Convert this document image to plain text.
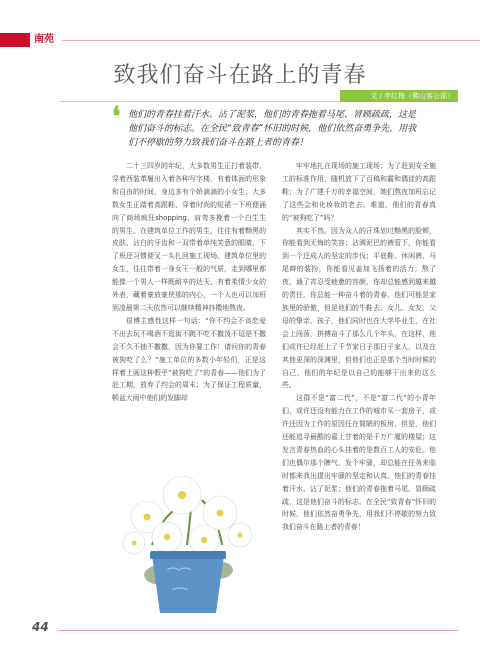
南苑
致我们奋斗在路上的青春
文 / 李红梅（佛山客公部）
❛ 他们的青春挂着汗水、沾了泥浆，他们的青春拖着马尾、冒顾疏疏，这是他们奋斗的标志。在全民“致青春”怀旧的时候，他们依然奋勇争先，用我们不停歇的努力致我们奋斗在路上者的青春！

二十三四岁的年纪，大多数男生正打着装带、穿着西装革履出入着各种写字楼，有着体面的形象和自由的时间，身边多有个娇滴滴的小女生；大多数女生正踏着高跟鞋、穿着时尚的短裙一下班便涌向了商场疯狂shopping，肩弯多挽着一个白生生的男生。在建筑单位工作的男生，往往有着黝黑的皮肤、沾白的牙齿和一双带着单纯笑意的眼睛，下了班还习惯便叉一头扎回施工现场。建筑单位里的女生，往往带着一身女王一般的气质，走到哪里都能像一个男人一样既耐辛的达天，有着柔情少女的外表，藏着豪放豪侠那的内心，一个人也可以加班到凌晨第二天依然可以继续精神抖擞地熬夜。

很博主感性这样一句话：“你不约会不谈恋爱不出去玩不喝酒不逛街不跳不吃不撒泼不逗是不撒会不久不抽不撒撒，因为你要工作！请问你的青春被狗吃了么？”施工单位的多数小年轻们，正是这样着上画这种假乎“被狗吃了”的青春——他们为了赶工期，放弃了约会的周末；为了保证工程质量，顿盆大雨中他们的发脚却

牢牢地扎在现场的施工现场；为了赶到安全施工的标准作用，随机放下了百稿和霸和偶徒的高跟鞋；为了广建千万的幸福空间，她们熬夜加班忘记了这些会和化妆妆的老去。难道，他们的青春真的“被狗吃了”吗？

其实不然。因为众人的汗珠划过黝黑的脸颊，你能看到无悔的笑容；沾满泥巴的裤管下，你能看到一个还成人的坚定的步伐；平底鞋、休闲裤、马尾辫的装扮，你能看见姜加飞扬着的活力；熬了夜，通了宵忍受疲惫的容颜，你却总能感到越来越的责任，你总能一种奋斗着的青春。他们可能是家族里的骄傲，但是他们的牛鞋去、女儿、女友、父母的挚亲、孩子，他们同时也在大学毕业生，在社会上闯荡，拼搏奋斗了那么几个年头，在这样，他们或许已经赶上了千节家日子那日子家人，以及在其他更深的深渊里，但他们也正是那个当时时候的自己，他们的年纪是以自己的能够干出来的这么些。

这群不是“富二代”，不是“富二代”的小青年们，或许还没有能力在工作的城市买一套房子，或许还因为工作的原因任在简陋的板房、但是，他们还能追寻最酷的嘉上甘着的是千万广厦的楼屋；这发言青春热血的心头挂着的是数百工人的安危。他们也偶尔那个脾气、发个牢骚，却总能在任务来临时都来我出提出牢骚的坚定和认真。他们的青春挂着汗水、沾了泥浆；他们的青春拖着马尾、冒顾疏疏，这是他们奋斗的标志。在全民“致青春”怀旧的时候，他们依然奋勇争先，用我们不停歇的努力致我们奋斗在路上者的青春！

44
